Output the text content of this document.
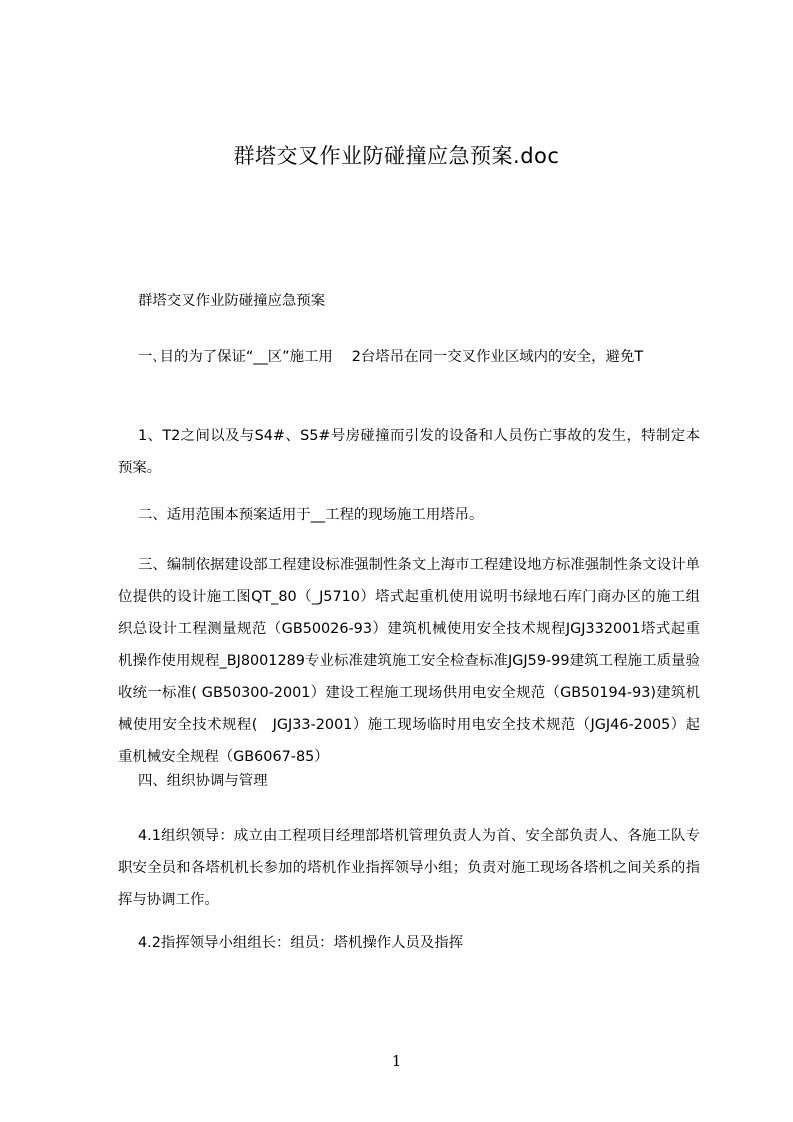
群塔交叉作业防碰撞应急预案.doc
群塔交叉作业防碰撞应急预案
一､目的为了保证“__区”施工用　 2台塔吊在同一交叉作业区域内的安全，避免T
1、T2之间以及与S4#、S5#号房碰撞而引发的设备和人员伤亡事故的发生，特制定本预案。
二、适用范围本预案适用于__工程的现场施工用塔吊。
三、编制依据建设部工程建设标准强制性条文上海市工程建设地方标准强制性条文设计单位提供的设计施工图QT_80（_J5710）塔式起重机使用说明书绿地石库门商办区的施工组织总设计工程测量规范（GB50026-93）建筑机械使用安全技术规程JGJ332001塔式起重机操作使用规程_BJ8001289专业标准建筑施工安全检查标准JGJ59-99建筑工程施工质量验收统一标准( GB50300-2001）建设工程施工现场供用电安全规范（GB50194-93)建筑机械使用安全技术规程(　JGJ33-2001）施工现场临时用电安全技术规范（JGJ46-2005）起重机械安全规程（GB6067-85）
四、组织协调与管理
4.1组织领导：成立由工程项目经理部塔机管理负责人为首、安全部负责人、各施工队专职安全员和各塔机机长参加的塔机作业指挥领导小组；负责对施工现场各塔机之间关系的指挥与协调工作。
4.2指挥领导小组组长：组员：塔机操作人员及指挥
1
